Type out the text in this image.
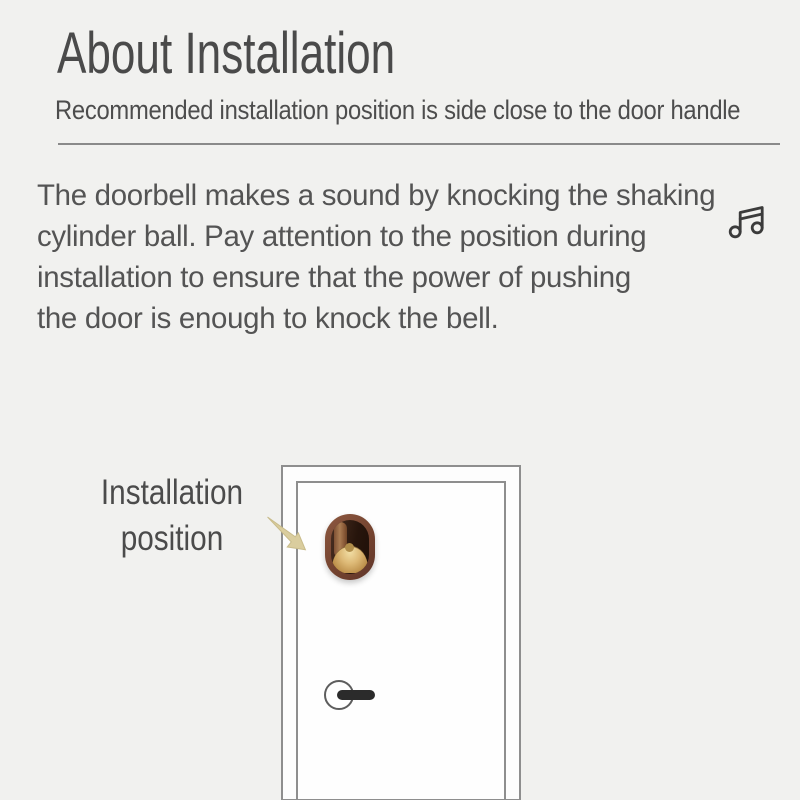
About Installation
Recommended installation position is side close to the door handle
The doorbell makes a sound by knocking the shaking
cylinder ball. Pay attention to the position during
installation to ensure that the power of pushing
the door is enough to knock the bell.
Installation
position
